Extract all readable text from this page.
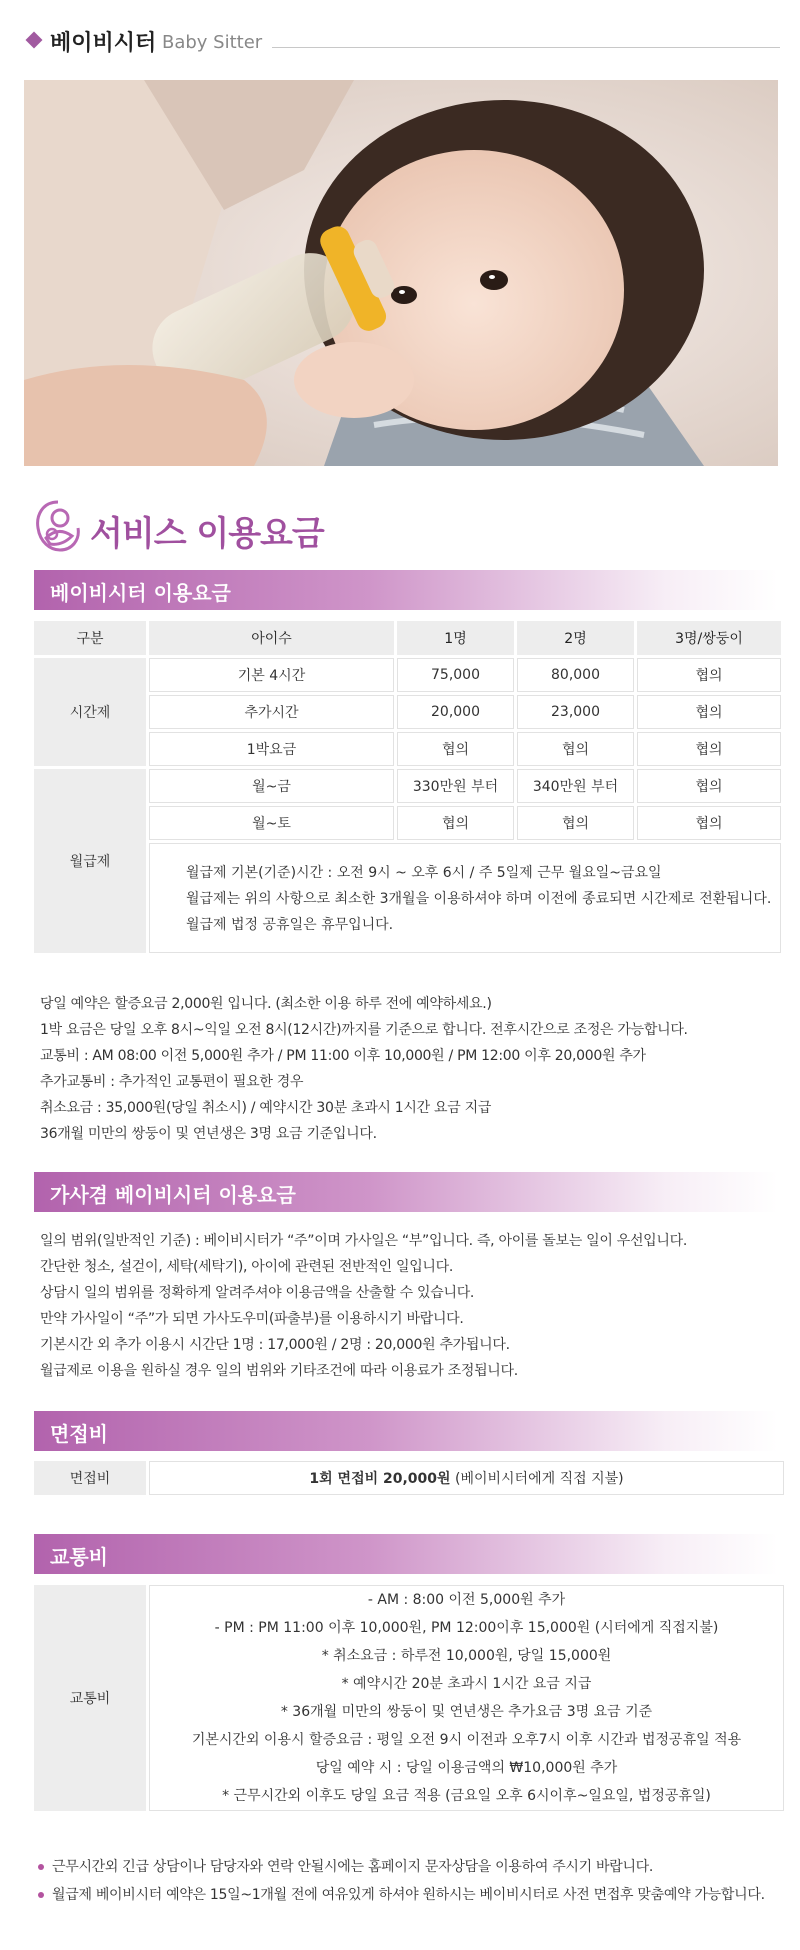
베이비시터 Baby Sitter
서비스 이용요금
베이비시터 이용요금
구분	아이수	1명	2명	3명/쌍둥이
시간제	기본 4시간	75,000	80,000	협의
	추가시간	20,000	23,000	협의
	1박요금	협의	협의	협의
월급제	월~금	330만원 부터	340만원 부터	협의
	월~토	협의	협의	협의

	월급제 기본(기준)시간 : 오전 9시 ~ 오후 6시 / 주 5일제 근무 월요일~금요일
월급제는 위의 사항으로 최소한 3개월을 이용하셔야 하며 이전에 종료되면 시간제로 전환됩니다.
월급제 법정 공휴일은 휴무입니다.			
당일 예약은 할증요금 2,000원 입니다. (최소한 이용 하루 전에 예약하세요.)
1박 요금은 당일 오후 8시~익일 오전 8시(12시간)까지를 기준으로 합니다. 전후시간으로 조정은 가능합니다.
교통비 : AM 08:00 이전 5,000원 추가 / PM 11:00 이후 10,000원 / PM 12:00 이후 20,000원 추가
추가교통비 : 추가적인 교통편이 필요한 경우
취소요금 : 35,000원(당일 취소시) / 예약시간 30분 초과시 1시간 요금 지급
36개월 미만의 쌍둥이 및 연년생은 3명 요금 기준입니다.
가사겸 베이비시터 이용요금
일의 범위(일반적인 기준) : 베이비시터가 “주”이며 가사일은 “부”입니다. 즉, 아이를 돌보는 일이 우선입니다.
간단한 청소, 설걷이, 세탁(세탁기), 아이에 관련된 전반적인 일입니다.
상담시 일의 범위를 정확하게 알려주셔야 이용금액을 산출할 수 있습니다.
만약 가사일이 “주”가 되면 가사도우미(파출부)를 이용하시기 바랍니다.
기본시간 외 추가 이용시 시간단 1명 : 17,000원 / 2명 : 20,000원 추가됩니다.
월급제로 이용을 원하실 경우 일의 범위와 기타조건에 따라 이용료가 조정됩니다.
면접비
면접비	1회 면접비 20,000원 (베이비시터에게 직접 지불)
교통비
교통비	
- AM : 8:00 이전 5,000원 추가
- PM : PM 11:00 이후 10,000원, PM 12:00이후 15,000원 (시터에게 직접지불)
* 취소요금 : 하루전 10,000원, 당일 15,000원
* 예약시간 20분 초과시 1시간 요금 지급
* 36개월 미만의 쌍둥이 및 연년생은 추가요금 3명 요금 기준
기본시간외 이용시 할증요금 : 평일 오전 9시 이전과 오후7시 이후 시간과 법정공휴일 적용
당일 예약 시 : 당일 이용금액의 ₩10,000원 추가
* 근무시간외 이후도 당일 요금 적용 (금요일 오후 6시이후~일요일, 법정공휴일)
근무시간외 긴급 상담이나 담당자와 연락 안될시에는 홈페이지 문자상담을 이용하여 주시기 바랍니다.
월급제 베이비시터 예약은 15일~1개월 전에 여유있게 하셔야 원하시는 베이비시터로 사전 면접후 맞춤예약 가능합니다.
